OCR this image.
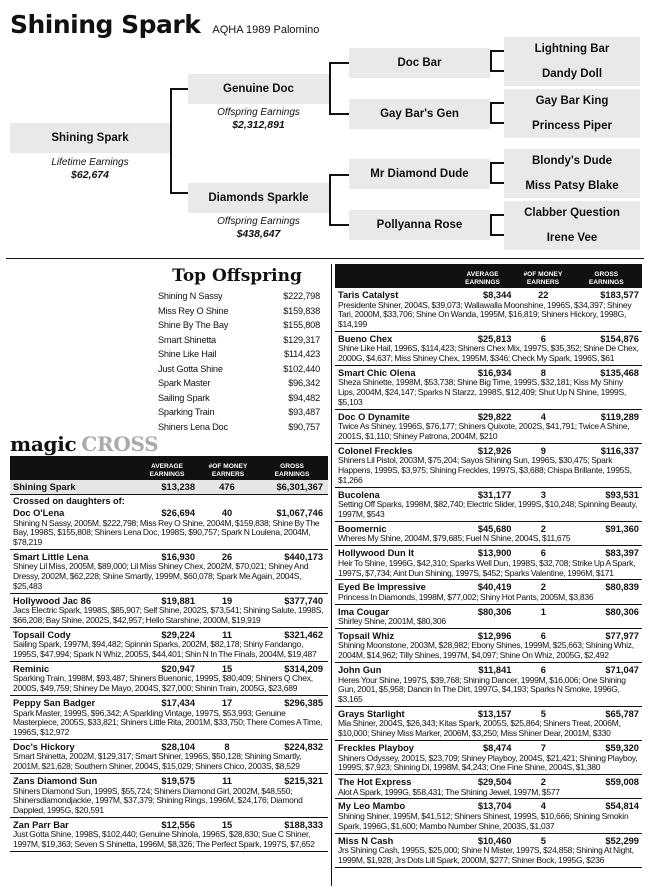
Shining Spark AQHA 1989 Palomino
Shining Spark
Lifetime Earnings
$62,674
Genuine Doc
Offspring Earnings
$2,312,891
Diamonds Sparkle
Offspring Earnings
$438,647
Doc Bar
Gay Bar's Gen
Mr Diamond Dude
Pollyanna Rose
Lightning Bar
Dandy Doll
Gay Bar King
Princess Piper
Blondy's Dude
Miss Patsy Blake
Clabber Question
Irene Vee
Top Offspring
Shining N Sassy	$222,798
Miss Rey O Shine	$159,838
Shine By The Bay	$155,808
Smart Shinetta	$129,317
Shine Like Hail	$114,423
Just Gotta Shine	$102,440
Spark Master	$96,342
Sailing Spark	$94,482
Sparking Train	$93,487
Shiners Lena Doc	$90,757
magic CROSS
AVERAGE
EARNINGS
#OF MONEY
EARNERS
GROSS
EARNINGS
Shining Spark	$13,238	476	$6,301,367
Crossed on daughters of:
Doc O'Lena	$26,694	40	$1,067,746
Shining N Sassy, 2005M, $222,798; Miss Rey O Shine, 2004M, $159,838; Shine By The Bay, 1998S, $155,808; Shiners Lena Doc, 1998S, $90,757; Spark N Loulena, 2004M, $78,219
Smart Little Lena	$16,930	26	$440,173
Shiney Lil Miss, 2005M, $89,000; Lil Miss Shiney Chex, 2002M, $70,021; Shiney And Dressy, 2002M, $62,228; Shine Smartly, 1999M, $60,078; Spark Me Again, 2004S, $25,483
Hollywood Jac 86	$19,881	19	$377,740
Jacs Electric Spark, 1998S, $85,907; Self Shine, 2002S, $73,541; Shining Salute, 1998S, $66,208; Bay Shine, 2002S, $42,957; Hello Starshine, 2000M, $19,919
Topsail Cody	$29,224	11	$321,462
Sailing Spark, 1997M, $94,482; Spinnin Sparks, 2002M, $82,178; Shiny Fandango, 1995S, $47,994; Spark N Whiz, 2005S, $44,401; Shin N In The Finals, 2004M, $19,487
Reminic	$20,947	15	$314,209
Sparking Train, 1998M, $93,487; Shiners Buenonic, 1999S, $80,409; Shiners Q Chex, 2000S, $49,759; Shiney De Mayo, 2004S, $27,000; Shinin Train, 2005G, $23,689
Peppy San Badger	$17,434	17	$296,385
Spark Master, 1999S, $96,342; A Sparkling Vintage, 1997S, $53,993; Genuine Masterpiece, 2005S, $33,821; Shiners Little Rita, 2001M, $33,750; There Comes A Time, 1996S, $12,972
Doc's Hickory	$28,104	8	$224,832
Smart Shinetta, 2002M, $129,317; Smart Shiner, 1996S, $50,128; Shining Smartly, 2001M, $21,628; Southern Shiner, 2004S, $15,029; Shiners Chico, 2003S, $8,529
Zans Diamond Sun	$19,575	11	$215,321
Shiners Diamond Sun, 1999S, $55,724; Shiners Diamond Girl, 2002M, $48,550; Shinersdiamondjackie, 1997M, $37,379; Shining Rings, 1996M, $24,176; Diamond Dappled, 1995G, $20,591
Zan Parr Bar	$12,556	15	$188,333
Just Gotta Shine, 1998S, $102,440; Genuine Shinola, 1996S, $28,830; Sue C Shiner, 1997M, $19,363; Seven S Shinetta, 1996M, $8,326; The Perfect Spark, 1997S, $7,652
AVERAGE
EARNINGS
#OF MONEY
EARNERS
GROSS
EARNINGS
Taris Catalyst	$8,344	22	$183,577
Presidente Shiner, 2004S, $39,073; Wallawalla Moonshine, 1996S, $34,397; Shiney Tari, 2000M, $33,706; Shine On Wanda, 1995M, $16,819; Shiners Hickory, 1998G, $14,199
Bueno Chex	$25,813	6	$154,876
Shine Like Hail, 1996S, $114,423; Shiners Chex Mix, 1997S, $35,352; Shine De Chex, 2000G, $4,637; Miss Shiney Chex, 1995M, $346; Check My Spark, 1996S, $61
Smart Chic Olena	$16,934	8	$135,468
Sheza Shinette, 1998M, $53,738; Shine Big Time, 1999S, $32,181; Kiss My Shiny Lips, 2004M, $24,147; Sparks N Starzz, 1998S, $12,409; Shut Up N Shine, 1999S, $5,103
Doc O Dynamite	$29,822	4	$119,289
Twice As Shiney, 1996S, $76,177; Shiners Quixote, 2002S, $41,791; Twice A Shine, 2001S, $1,110; Shiney Patrona, 2004M, $210
Colonel Freckles	$12,926	9	$116,337
Shiners Lil Pistol, 2003M, $75,204; Sayos Shining Sun, 1996S, $30,475; Spark Happens, 1999S, $3,975; Shining Freckles, 1997S, $3,688; Chispa Brillante, 1995S, $1,266
Bucolena	$31,177	3	$93,531
Setting Off Sparks, 1998M, $82,740; Electric Slider, 1999S, $10,248; Spinning Beauty, 1997M, $543
Boomernic	$45,680	2	$91,360
Wheres My Shine, 2004M, $79,685; Fuel N Shine, 2004S, $11,675
Hollywood Dun It	$13,900	6	$83,397
Heir To Shine, 1996G, $42,310; Sparks Well Dun, 1998S, $32,708; Strike Up A Spark, 1997S, $7,734; Aint Dun Shining, 1997S, $452; Sparks Valentine, 1996M, $171
Eyed Be Impressive	$40,419	2	$80,839
Princess In Diamonds, 1998M, $77,002; Shiny Hot Pants, 2005M, $3,836
Ima Cougar	$80,306	1	$80,306
Shirley Shine, 2001M, $80,306
Topsail Whiz	$12,996	6	$77,977
Shining Moonstone, 2003M, $28,982; Ebony Shines, 1999M, $25,663; Shining Whiz, 2004M, $14,962; Tilly Shines, 1997M, $4,097; Shine On Whiz, 2005G, $2,492
John Gun	$11,841	6	$71,047
Heres Your Shine, 1997S, $39,768; Shining Dancer, 1999M, $16,006; One Shining Gun, 2001, $5,958; Dancin In The Dirt, 1997G, $4,193; Sparks N Smoke, 1996G, $3,165
Grays Starlight	$13,157	5	$65,787
Mia Shiner, 2004S, $26,343; Kitas Spark, 2005S, $25,864; Shiners Treat, 2006M, $10,000; Shiney Miss Marker, 2006M, $3,250; Miss Shiner Dear, 2001M, $330
Freckles Playboy	$8,474	7	$59,320
Shiners Odyssey, 2001S, $23,709; Shiney Playboy, 2004S, $21,421; Shining Playboy, 1999S, $7,923; Shining Di, 1998M, $4,243; One Fine Shine, 2004S, $1,380
The Hot Express	$29,504	2	$59,008
Alot A Spark, 1999G, $58,431; The Shining Jewel, 1997M, $577
My Leo Mambo	$13,704	4	$54,814
Shining Shiner, 1995M, $41,512; Shiners Shinest, 1999S, $10,666; Shining Smokin Spark, 1996G, $1,600; Mambo Number Shine, 2003S, $1,037
Miss N Cash	$10,460	5	$52,299
Jrs Shining Cash, 1995S, $25,000; Shine N Mister, 1997S, $24,858; Shining At Night, 1999M, $1,928; Jrs Dots Lill Spark, 2000M, $277; Shiner Bock, 1995G, $236
